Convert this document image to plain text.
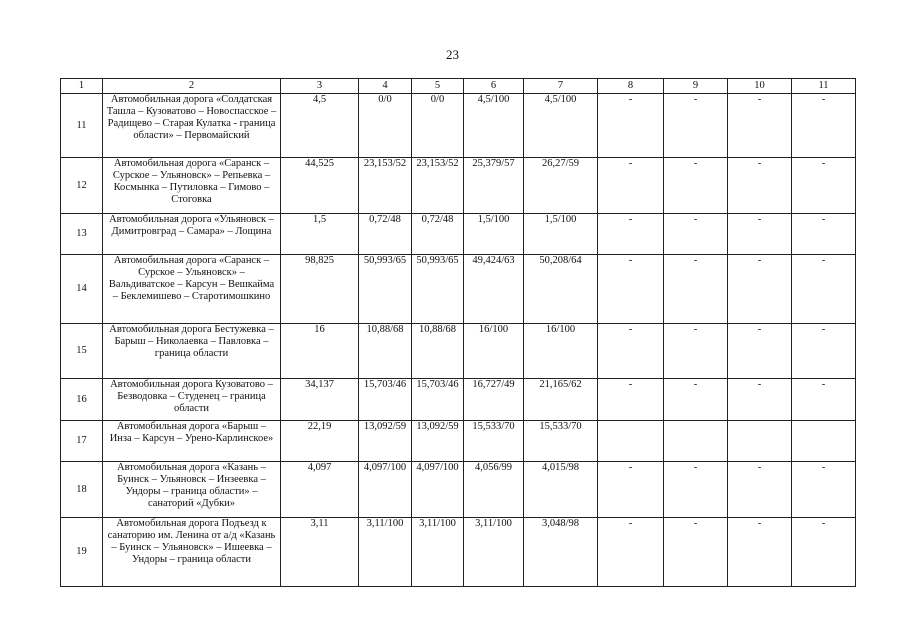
23
1	2	3	4	5	6	7	8	9	10	11
11	Автомобильная дорога «Солдатская Ташла – Кузоватово – Новоспасское – Радищево – Старая Кулатка - граница области» – Первомайский	4,5	0/0	0/0	4,5/100	4,5/100	-	-	-	-
12	Автомобильная дорога «Саранск – Сурское – Ульяновск» – Репьевка – Космынка – Путиловка – Гимово – Стоговка	44,525	23,153/52	23,153/52	25,379/57	26,27/59	-	-	-	-
13	Автомобильная дорога «Ульяновск – Димитровград – Самара» – Лощина	1,5	0,72/48	0,72/48	1,5/100	1,5/100	-	-	-	-
14	Автомобильная дорога «Саранск – Сурское – Ульяновск» – Вальдиватское – Карсун – Вешкайма – Беклемишево – Старотимошкино	98,825	50,993/65	50,993/65	49,424/63	50,208/64	-	-	-	-
15	Автомобильная дорога Бестужевка – Барыш – Николаевка – Павловка – граница области	16	10,88/68	10,88/68	16/100	16/100	-	-	-	-
16	Автомобильная дорога Кузоватово – Безводовка – Студенец – граница области	34,137	15,703/46	15,703/46	16,727/49	21,165/62	-	-	-	-
17	Автомобильная дорога «Барыш – Инза – Карсун – Урено-Карлинское»	22,19	13,092/59	13,092/59	15,533/70	15,533/70				
18	Автомобильная дорога «Казань – Буинск – Ульяновск – Инзеевка – Ундоры – граница области» – санаторий «Дубки»	4,097	4,097/100	4,097/100	4,056/99	4,015/98	-	-	-	-
19	Автомобильная дорога Подъезд к санаторию им. Ленина от а/д «Казань – Буинск – Ульяновск» – Ишеевка – Ундоры – граница области	3,11	3,11/100	3,11/100	3,11/100	3,048/98	-	-	-	-
